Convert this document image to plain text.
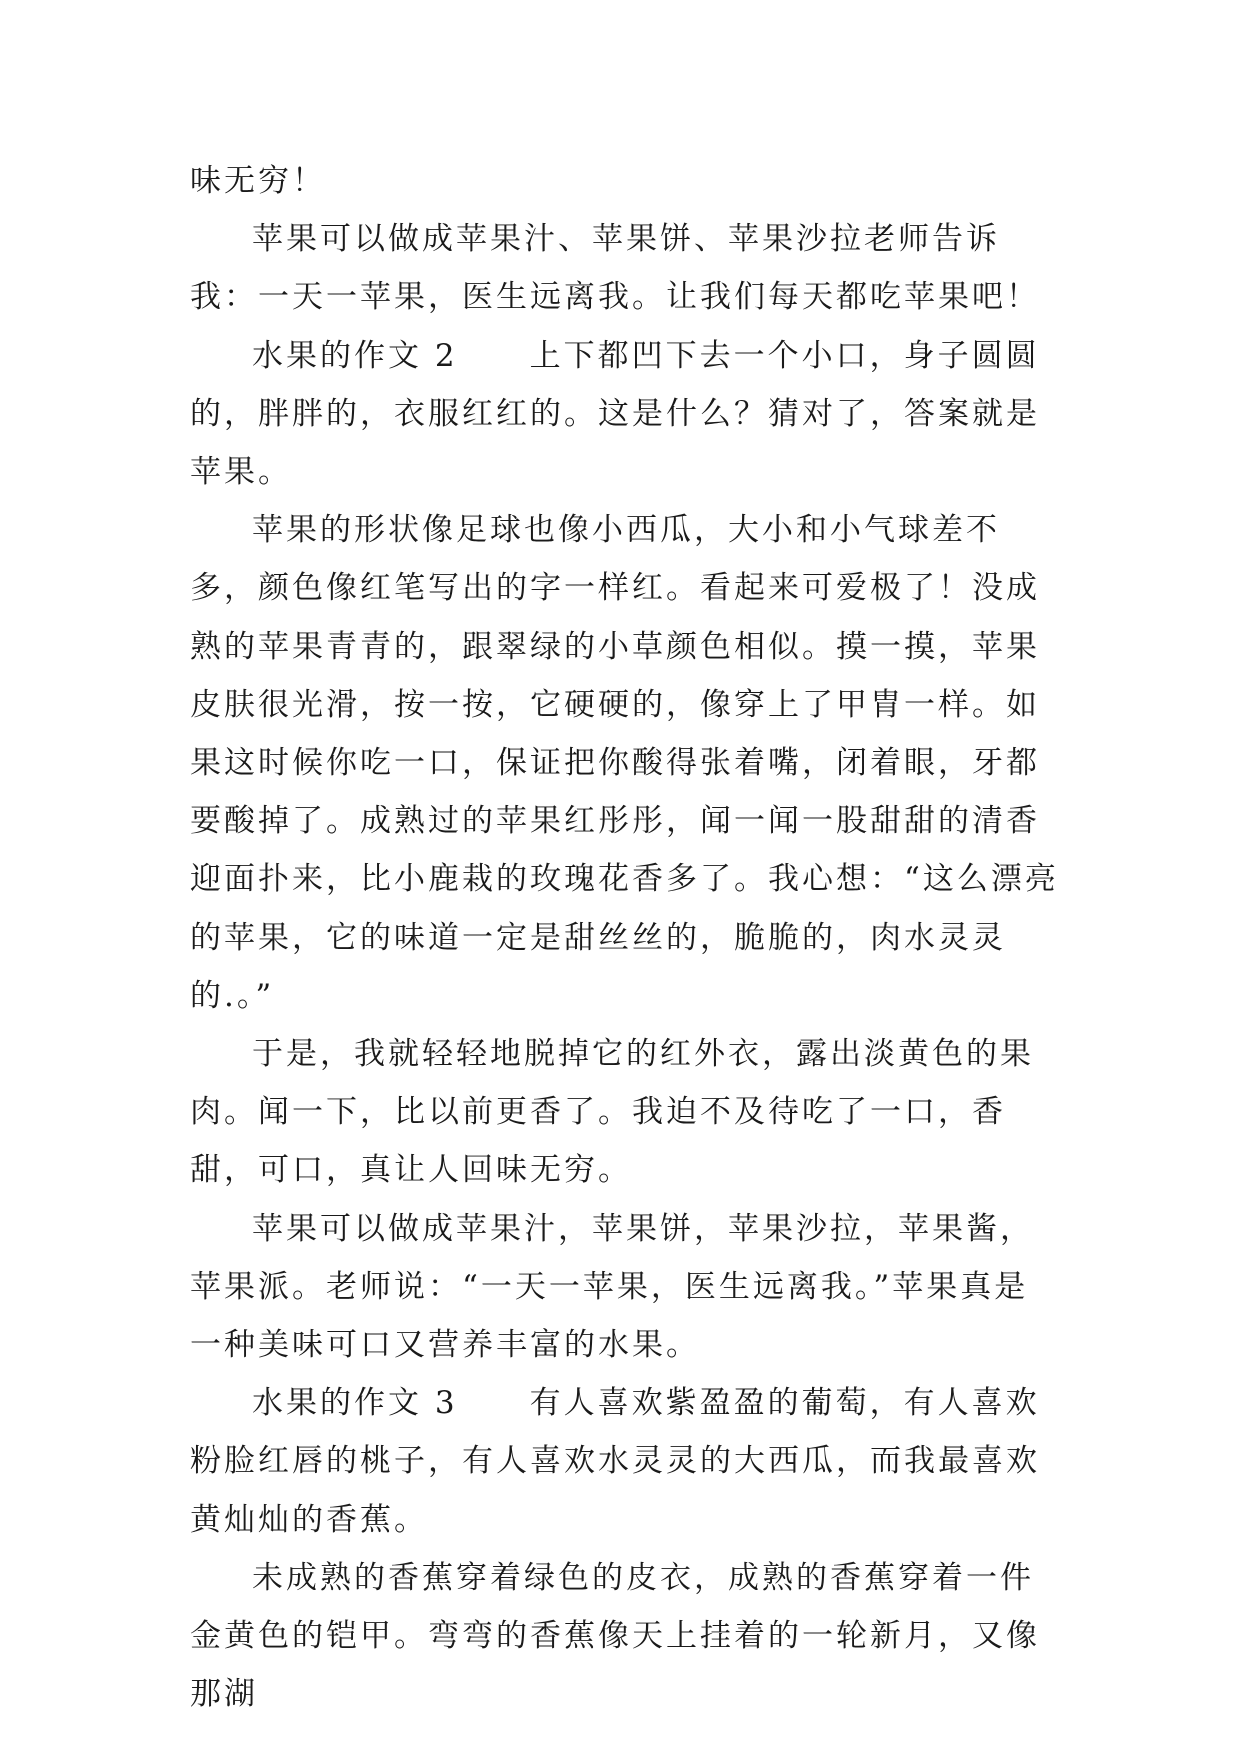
味无穷！

苹果可以做成苹果汁、苹果饼、苹果沙拉老师告诉我：一天一苹果，医生远离我。让我们每天都吃苹果吧！

水果的作文 2 上下都凹下去一个小口，身子圆圆的，胖胖的，衣服红红的。这是什么？猜对了，答案就是苹果。

苹果的形状像足球也像小西瓜，大小和小气球差不多，颜色像红笔写出的字一样红。看起来可爱极了！没成熟的苹果青青的，跟翠绿的小草颜色相似。摸一摸，苹果皮肤很光滑，按一按，它硬硬的，像穿上了甲胄一样。如果这时候你吃一口，保证把你酸得张着嘴，闭着眼，牙都要酸掉了。成熟过的苹果红彤彤，闻一闻一股甜甜的清香迎面扑来，比小鹿栽的玫瑰花香多了。我心想：“这么漂亮的苹果，它的味道一定是甜丝丝的，脆脆的，肉水灵灵的.。”

于是，我就轻轻地脱掉它的红外衣，露出淡黄色的果肉。闻一下，比以前更香了。我迫不及待吃了一口，香甜，可口，真让人回味无穷。

苹果可以做成苹果汁，苹果饼，苹果沙拉，苹果酱，苹果派。老师说：“一天一苹果，医生远离我。”苹果真是一种美味可口又营养丰富的水果。

水果的作文 3 有人喜欢紫盈盈的葡萄，有人喜欢粉脸红唇的桃子，有人喜欢水灵灵的大西瓜，而我最喜欢黄灿灿的香蕉。

未成熟的香蕉穿着绿色的皮衣，成熟的香蕉穿着一件金黄色的铠甲。弯弯的香蕉像天上挂着的一轮新月，又像那湖
